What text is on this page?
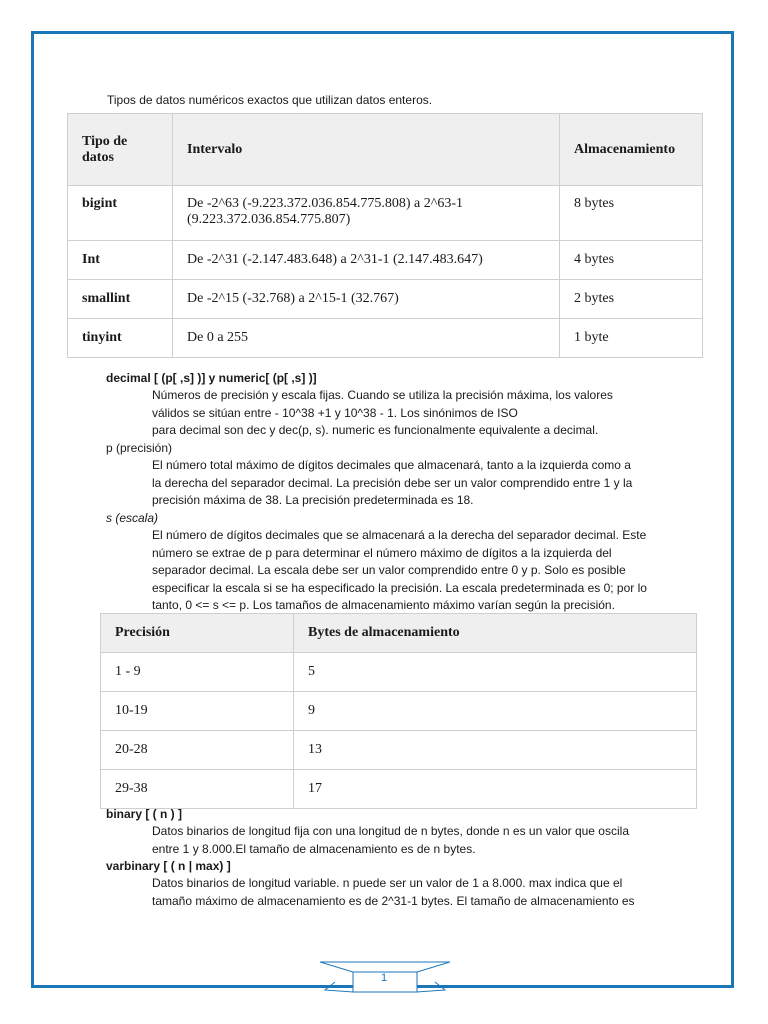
Tipos de datos numéricos exactos que utilizan datos enteros.
Tipo de datos	Intervalo	Almacenamiento
bigint	De -2^63 (-9.223.372.036.854.775.808) a 2^63-1 (9.223.372.036.854.775.807)	8 bytes
Int	De -2^31 (-2.147.483.648) a 2^31-1 (2.147.483.647)	4 bytes
smallint	De -2^15 (-32.768) a 2^15-1 (32.767)	2 bytes
tinyint	De 0 a 255	1 byte
decimal [ (p[ ,s] )] y numeric[ (p[ ,s] )]
Números de precisión y escala fijas. Cuando se utiliza la precisión máxima, los valores
válidos se sitúan entre - 10^38 +1 y 10^38 - 1. Los sinónimos de ISO
para decimal son dec y dec(p, s). numeric es funcionalmente equivalente a decimal.
p (precisión)
El número total máximo de dígitos decimales que almacenará, tanto a la izquierda como a
la derecha del separador decimal. La precisión debe ser un valor comprendido entre 1 y la
precisión máxima de 38. La precisión predeterminada es 18.
s (escala)
El número de dígitos decimales que se almacenará a la derecha del separador decimal. Este
número se extrae de p para determinar el número máximo de dígitos a la izquierda del
separador decimal. La escala debe ser un valor comprendido entre 0 y p. Solo es posible
especificar la escala si se ha especificado la precisión. La escala predeterminada es 0; por lo
tanto, 0 <= s <= p. Los tamaños de almacenamiento máximo varían según la precisión.
Precisión	Bytes de almacenamiento
1 - 9	5
10-19	9
20-28	13
29-38	17
binary [ ( n ) ]
Datos binarios de longitud fija con una longitud de n bytes, donde n es un valor que oscila
entre 1 y 8.000.El tamaño de almacenamiento es de n bytes.
varbinary [ ( n | max) ]
Datos binarios de longitud variable. n puede ser un valor de 1 a 8.000. max indica que el
tamaño máximo de almacenamiento es de 2^31-1 bytes. El tamaño de almacenamiento es
1
